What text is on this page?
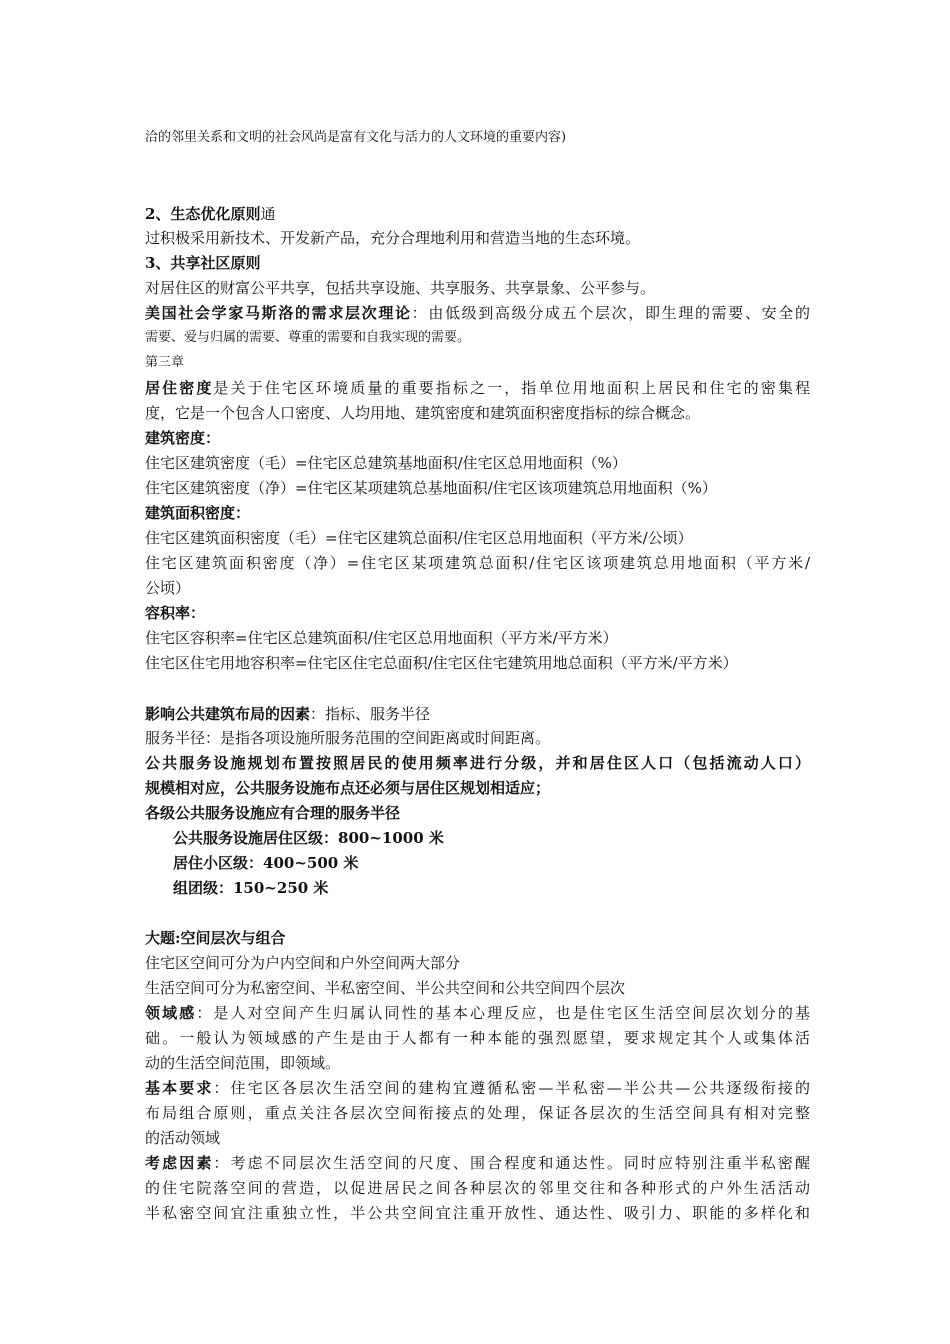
洽的邻里关系和文明的社会风尚是富有文化与活力的人文环境的重要内容)

2、生态优化原则通

过积极采用新技术、开发新产品，充分合理地利用和营造当地的生态环境。

3、共享社区原则

对居住区的财富公平共享，包括共享设施、共享服务、共享景象、公平参与。

美国社会学家马斯洛的需求层次理论：由低级到高级分成五个层次，即生理的需要、安全的

需要、爱与归属的需要、尊重的需要和自我实现的需要。

第三章

居住密度是关于住宅区环境质量的重要指标之一，指单位用地面积上居民和住宅的密集程

度，它是一个包含人口密度、人均用地、建筑密度和建筑面积密度指标的综合概念。

建筑密度：

住宅区建筑密度（毛）=住宅区总建筑基地面积/住宅区总用地面积（%）

住宅区建筑密度（净）=住宅区某项建筑总基地面积/住宅区该项建筑总用地面积（%）

建筑面积密度：

住宅区建筑面积密度（毛）=住宅区建筑总面积/住宅区总用地面积（平方米/公顷）

住宅区建筑面积密度（净）=住宅区某项建筑总面积/住宅区该项建筑总用地面积（平方米/

公顷）

容积率：

住宅区容积率=住宅区总建筑面积/住宅区总用地面积（平方米/平方米）

住宅区住宅用地容积率=住宅区住宅总面积/住宅区住宅建筑用地总面积（平方米/平方米）

影响公共建筑布局的因素：指标、服务半径

服务半径：是指各项设施所服务范围的空间距离或时间距离。

公共服务设施规划布置按照居民的使用频率进行分级，并和居住区人口（包括流动人口）

规模相对应，公共服务设施布点还必须与居住区规划相适应；

各级公共服务设施应有合理的服务半径

公共服务设施居住区级：800~1000 米

居住小区级：400~500 米

组团级：150~250 米

大题:空间层次与组合

住宅区空间可分为户内空间和户外空间两大部分

生活空间可分为私密空间、半私密空间、半公共空间和公共空间四个层次

领域感：是人对空间产生归属认同性的基本心理反应，也是住宅区生活空间层次划分的基

础。一般认为领域感的产生是由于人都有一种本能的强烈愿望，要求规定其个人或集体活

动的生活空间范围，即领域。

基本要求：住宅区各层次生活空间的建构宜遵循私密—半私密—半公共—公共逐级衔接的

布局组合原则，重点关注各层次空间衔接点的处理，保证各层次的生活空间具有相对完整

的活动领域

考虑因素：考虑不同层次生活空间的尺度、围合程度和通达性。同时应特别注重半私密醒

的住宅院落空间的营造，以促进居民之间各种层次的邻里交往和各种形式的户外生活活动

半私密空间宜注重独立性，半公共空间宜注重开放性、通达性、吸引力、职能的多样化和
